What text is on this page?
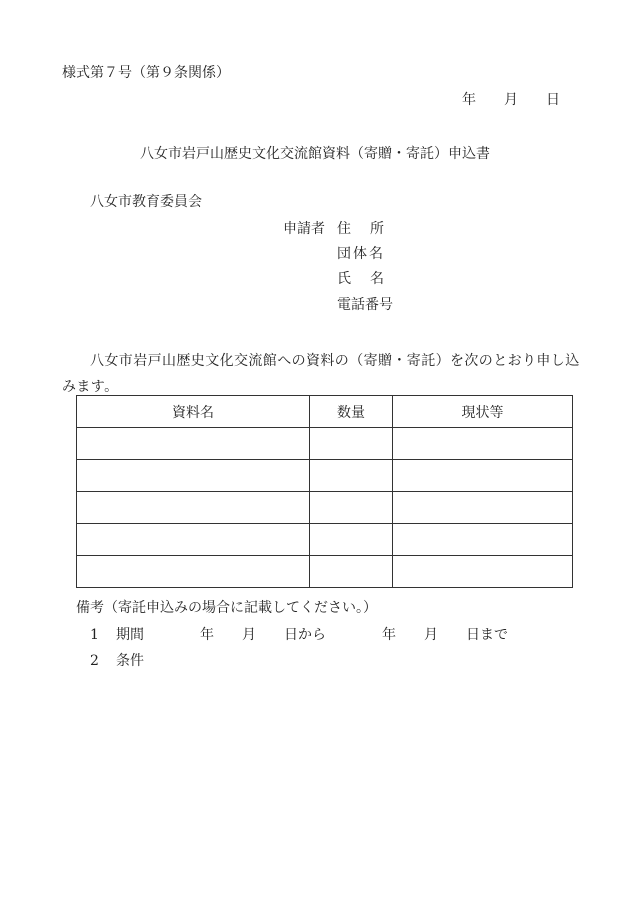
様式第７号（第９条関係）
年 月 日
八女市岩戸山歴史文化交流館資料（寄贈・寄託）申込書
八女市教育委員会
申請者 住所
団体名
氏名
電話番号
八女市岩戸山歴史文化交流館への資料の（寄贈・寄託）を次のとおり申し込みます。
資料名	数量	現状等

備考（寄託申込みの場合に記載してください。）
1 期間	年 月 日から	年 月 日まで
2 条件
